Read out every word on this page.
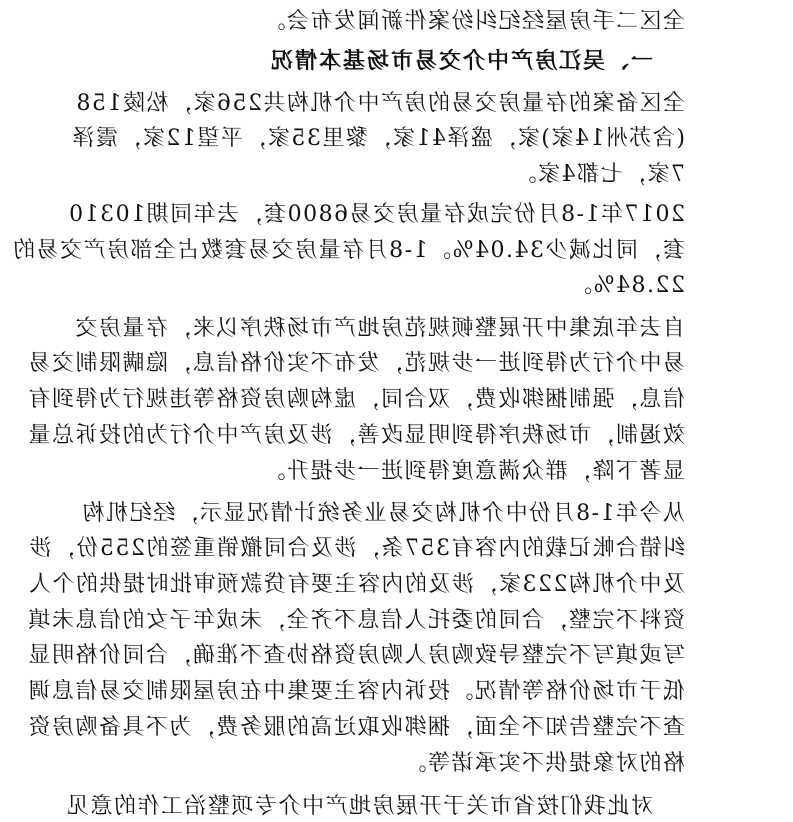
全区二手房屋经纪纠纷案件新闻发布会。
一、吴江房产中介交易市场基本情况
全区备案的存量房交易的房产中介机构共256家，松陵158
(含苏州14家)家，盛泽41家，黎里35家，平望12家，震泽
7家，七都4家。
2017年1-8月份完成存量房交易6800套，去年同期10310
套，同比减少34.04%。1-8月存量房交易套数占全部房产交易的
22.84%。
自去年底集中开展整顿规范房地产市场秩序以来，存量房交
易中介行为得到进一步规范，发布不实价格信息，隐瞒限制交易
信息，强制捆绑收费，双合同，虚构购房资格等违规行为得到有
效遏制，市场秩序得到明显改善，涉及房产中介行为的投诉总量
显著下降，群众满意度得到进一步提升。
从今年1-8月份中介机构交易业务统计情况显示，经纪机构
纠错合帐记载的内容有357条，涉及合同撤销重签的255份，涉
及中介机构223家，涉及的内容主要有贷款预审批时提供的个人
资料不完整，合同的委托人信息不齐全，未成年子女的信息未填
写或填写不完整导致购房人购房资格协查不准确，合同价格明显
低于市场价格等情况。投诉内容主要集中在房屋限制交易信息调
查不完整告知不全面，捆绑收取过高的服务费，为不具备购房资
格的对象提供不实承诺等。
对此我们按省市关于开展房地产中介专项整治工作的意见
